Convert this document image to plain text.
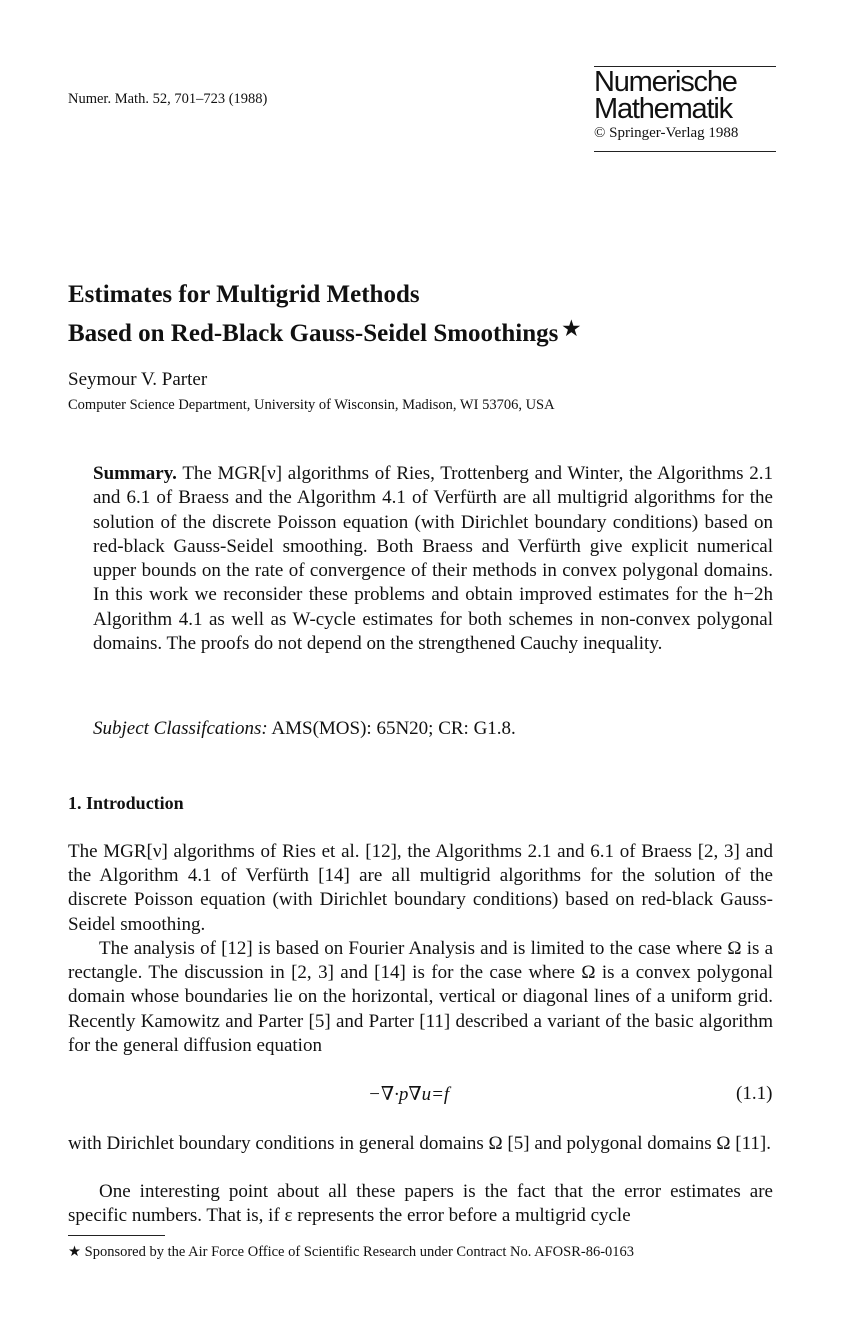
Numer. Math. 52, 701–723 (1988)
Numerische
Mathematik
© Springer-Verlag 1988
Estimates for Multigrid Methods
Based on Red-Black Gauss-Seidel Smoothings ★
Seymour V. Parter
Computer Science Department, University of Wisconsin, Madison, WI 53706, USA
Summary. The MGR[ν] algorithms of Ries, Trottenberg and Winter, the Algorithms 2.1 and 6.1 of Braess and the Algorithm 4.1 of Verfürth are all multigrid algorithms for the solution of the discrete Poisson equation (with Dirichlet boundary conditions) based on red-black Gauss-Seidel smoothing. Both Braess and Verfürth give explicit numerical upper bounds on the rate of convergence of their methods in convex polygonal domains. In this work we reconsider these problems and obtain improved estimates for the h−2h Algorithm 4.1 as well as W-cycle estimates for both schemes in non-convex polygonal domains. The proofs do not depend on the strengthened Cauchy inequality.
Subject Classifcations: AMS(MOS): 65N20; CR: G1.8.
1. Introduction
The MGR[ν] algorithms of Ries et al. [12], the Algorithms 2.1 and 6.1 of Braess [2, 3] and the Algorithm 4.1 of Verfürth [14] are all multigrid algorithms for the solution of the discrete Poisson equation (with Dirichlet boundary conditions) based on red-black Gauss-Seidel smoothing.
The analysis of [12] is based on Fourier Analysis and is limited to the case where Ω is a rectangle. The discussion in [2, 3] and [14] is for the case where Ω is a convex polygonal domain whose boundaries lie on the horizontal, vertical or diagonal lines of a uniform grid. Recently Kamowitz and Parter [5] and Parter [11] described a variant of the basic algorithm for the general diffusion equation
−∇·p∇u=f	(1.1)
with Dirichlet boundary conditions in general domains Ω [5] and polygonal domains Ω [11].
One interesting point about all these papers is the fact that the error estimates are specific numbers. That is, if ε represents the error before a multigrid cycle
★ Sponsored by the Air Force Office of Scientific Research under Contract No. AFOSR-86-0163
